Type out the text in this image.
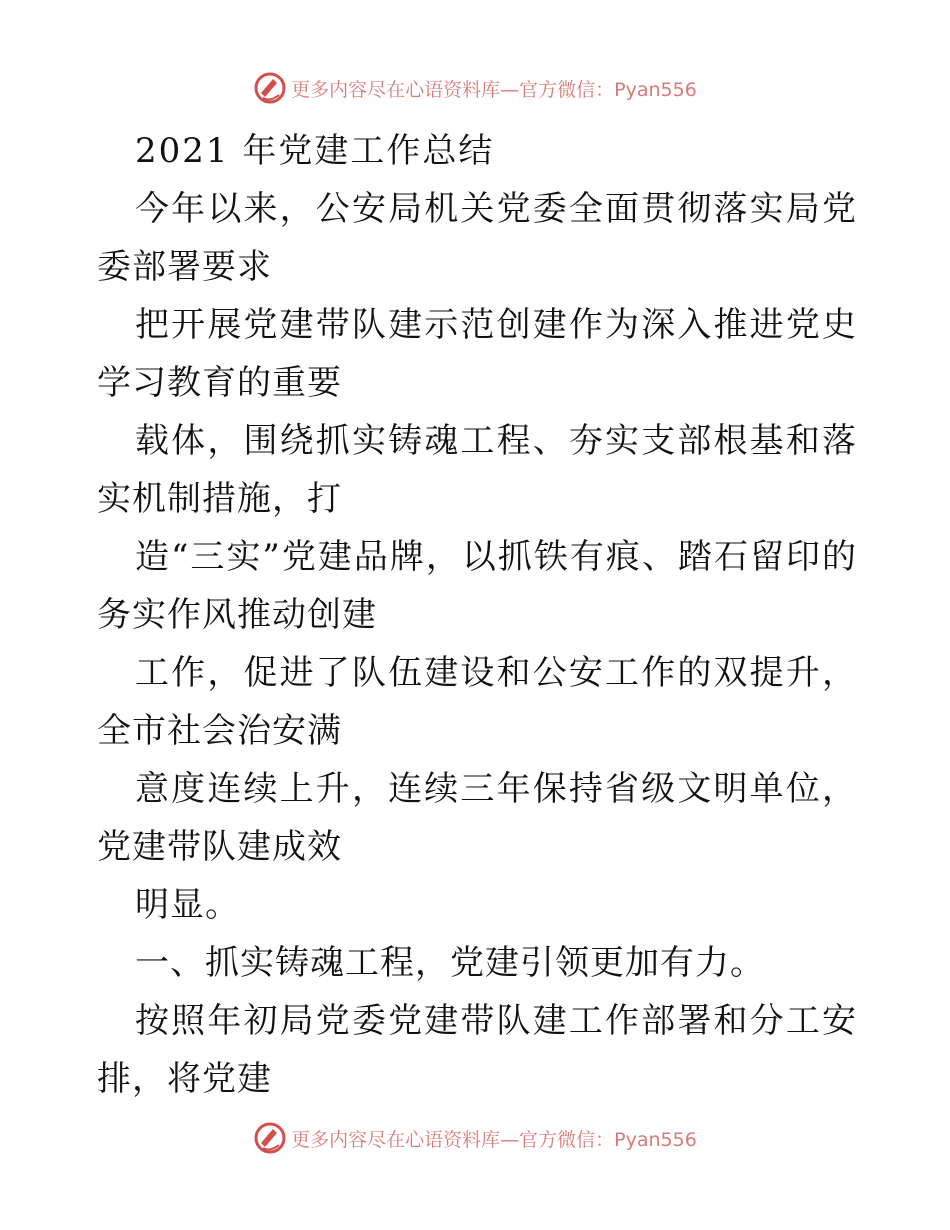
更多内容尽在心语资料库—官方微信：Pyan556

2021 年党建工作总结

今年以来，公安局机关党委全面贯彻落实局党委部署要求

把开展党建带队建示范创建作为深入推进党史学习教育的重要

载体，围绕抓实铸魂工程、夯实支部根基和落实机制措施，打

造“三实”党建品牌，以抓铁有痕、踏石留印的务实作风推动创建

工作，促进了队伍建设和公安工作的双提升，全市社会治安满

意度连续上升，连续三年保持省级文明单位，党建带队建成效

明显。

一、抓实铸魂工程，党建引领更加有力。

按照年初局党委党建带队建工作部署和分工安排，将党建

更多内容尽在心语资料库—官方微信：Pyan556
